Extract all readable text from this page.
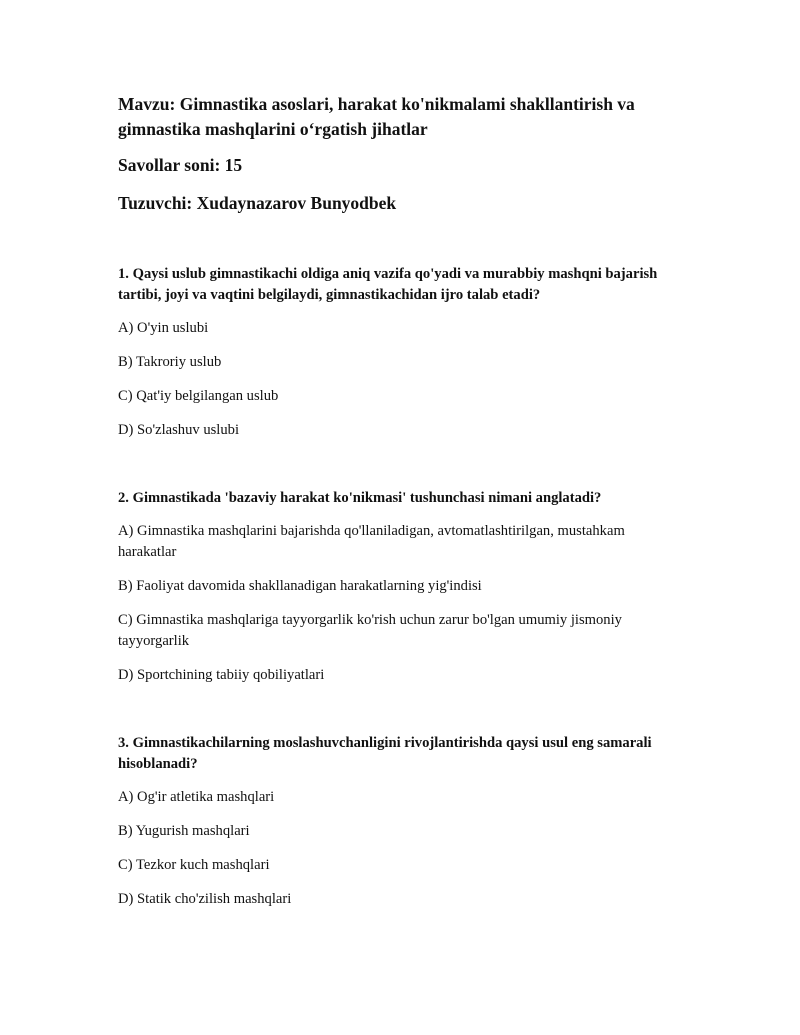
Mavzu: Gimnastika asoslari, harakat ko'nikmalami shakllantirish va gimnastika mashqlarini o‘rgatish jihatlar
Savollar soni: 15
Tuzuvchi: Xudaynazarov Bunyodbek
1. Qaysi uslub gimnastikachi oldiga aniq vazifa qo'yadi va murabbiy mashqni bajarish tartibi, joyi va vaqtini belgilaydi, gimnastikachidan ijro talab etadi?
A) O'yin uslubi
B) Takroriy uslub
C) Qat'iy belgilangan uslub
D) So'zlashuv uslubi
2. Gimnastikada 'bazaviy harakat ko'nikmasi' tushunchasi nimani anglatadi?
A) Gimnastika mashqlarini bajarishda qo'llaniladigan, avtomatlashtirilgan, mustahkam harakatlar
B) Faoliyat davomida shakllanadigan harakatlarning yig'indisi
C) Gimnastika mashqlariga tayyorgarlik ko'rish uchun zarur bo'lgan umumiy jismoniy tayyorgarlik
D) Sportchining tabiiy qobiliyatlari
3. Gimnastikachilarning moslashuvchanligini rivojlantirishda qaysi usul eng samarali hisoblanadi?
A) Og'ir atletika mashqlari
B) Yugurish mashqlari
C) Tezkor kuch mashqlari
D) Statik cho'zilish mashqlari
